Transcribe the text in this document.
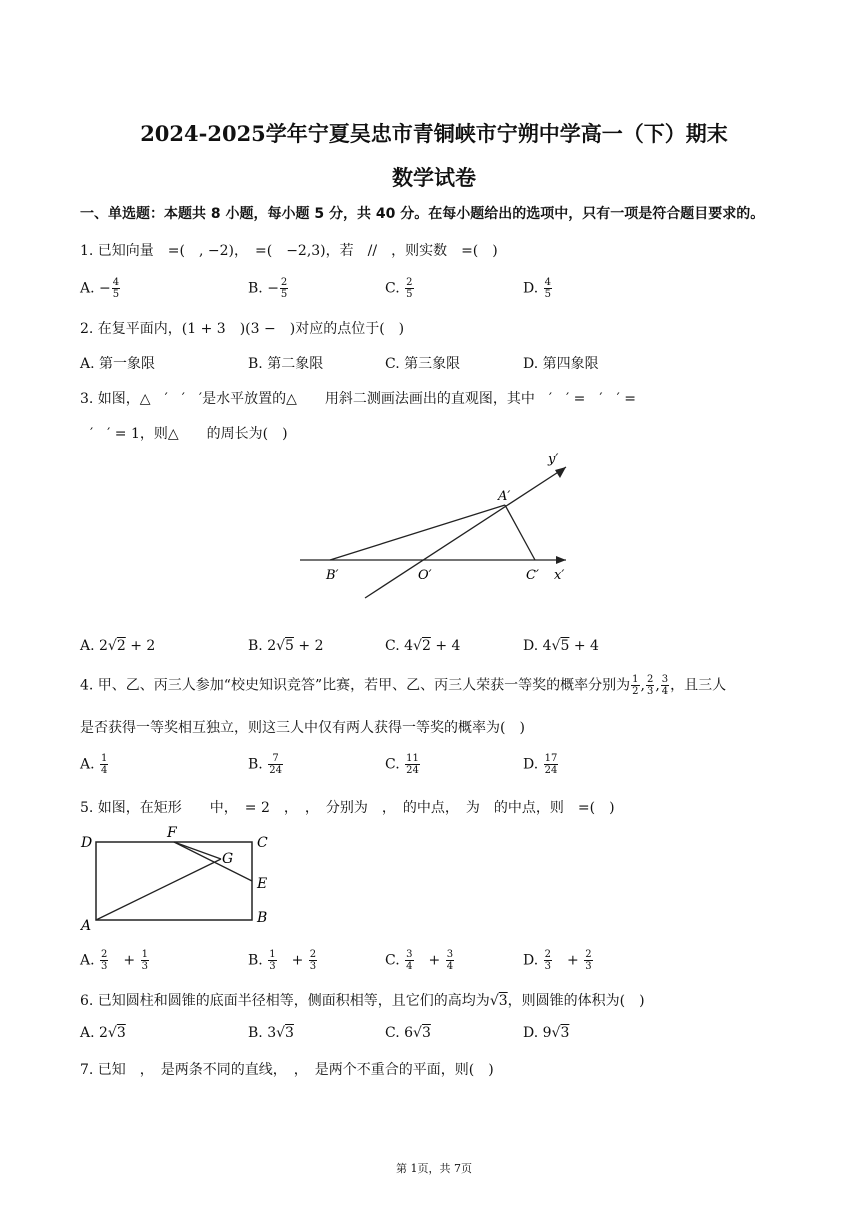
2024-2025学年宁夏吴忠市青铜峡市宁朔中学高一（下）期末
数学试卷
一、单选题：本题共 8 小题，每小题 5 分，共 40 分。在每小题给出的选项中，只有一项是符合题目要求的。
1. 已知向量　=(　, −2)，　=(　−2,3)，若　//　，则实数　=(　)
A. − $\frac{4}{5}$	B. − $\frac{2}{5}$	C. $\frac{2}{5}$	D. $\frac{4}{5}$
2. 在复平面内，(1 + 3　)(3 −　)对应的点位于(　)
A. 第一象限	B. 第二象限	C. 第三象限	D. 第四象限
3. 如图，△　′　′　′是水平放置的△　　用斜二测画法画出的直观图，其中　′　′ =　′　′ =
′　′ = 1，则△　　的周长为(　)
y′
A′
B′	O′	C′ x′
A. 2√2 + 2	B. 2√5 + 2	C. 4√2 + 4	D. 4√5 + 4
4. 甲、乙、丙三人参加“校史知识竞答”比赛，若甲、乙、丙三人荣获一等奖的概率分别为 $\frac{1}{2}$ , $\frac{2}{3}$ , $\frac{3}{4}$ ，且三人
是否获得一等奖相互独立，则这三人中仅有两人获得一等奖的概率为(　)
A. $\frac{1}{4}$	B. $\frac{7}{24}$	C. $\frac{11}{24}$	D. $\frac{17}{24}$
5. 如图，在矩形　　中，　= 2　，　，　分别为　，　的中点，　为　的中点，则　=(　)
D
F
C
G
E
A	B
A. $\frac{2}{3}$ 　+ $\frac{1}{3}$	B. $\frac{1}{3}$ 　+ $\frac{2}{3}$	C. $\frac{3}{4}$ 　+ $\frac{3}{4}$	D. $\frac{2}{3}$ 　+ $\frac{2}{3}$
6. 已知圆柱和圆锥的底面半径相等，侧面积相等，且它们的高均为√3，则圆锥的体积为(　)
A. 2√3	B. 3√3	C. 6√3	D. 9√3
7. 已知　，　是两条不同的直线，　，　是两个不重合的平面，则(　)
第 1页，共 7页
